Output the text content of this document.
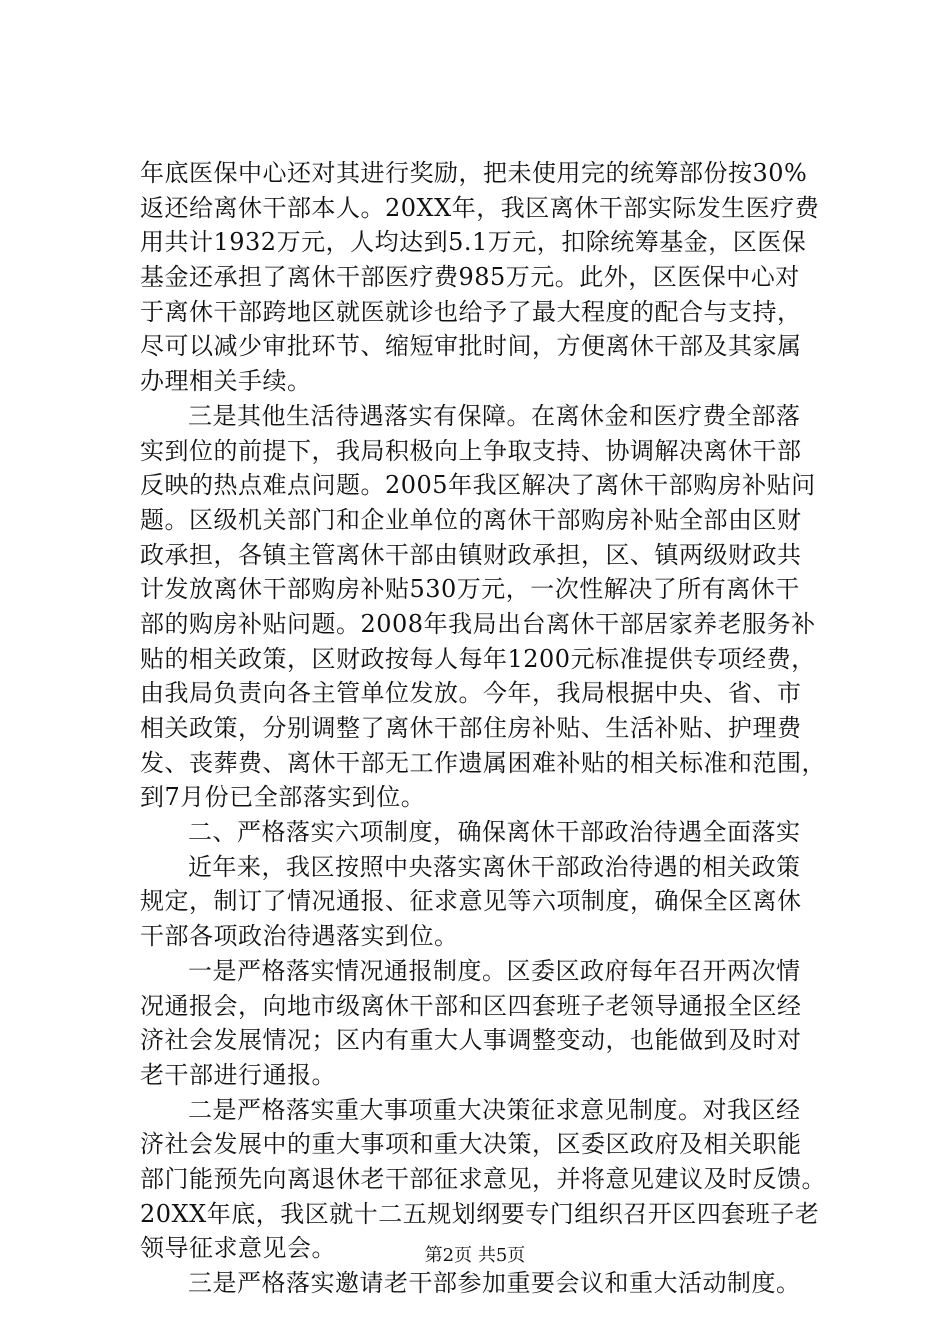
年底医保中心还对其进行奖励，把未使用完的统筹部份按30%
返还给离休干部本人。20XX年，我区离休干部实际发生医疗费
用共计1932万元，人均达到5.1万元，扣除统筹基金，区医保
基金还承担了离休干部医疗费985万元。此外，区医保中心对
于离休干部跨地区就医就诊也给予了最大程度的配合与支持，
尽可以减少审批环节、缩短审批时间，方便离休干部及其家属
办理相关手续。
三是其他生活待遇落实有保障。在离休金和医疗费全部落
实到位的前提下，我局积极向上争取支持、协调解决离休干部
反映的热点难点问题。2005年我区解决了离休干部购房补贴问
题。区级机关部门和企业单位的离休干部购房补贴全部由区财
政承担，各镇主管离休干部由镇财政承担，区、镇两级财政共
计发放离休干部购房补贴530万元，一次性解决了所有离休干
部的购房补贴问题。2008年我局出台离休干部居家养老服务补
贴的相关政策，区财政按每人每年1200元标准提供专项经费，
由我局负责向各主管单位发放。今年，我局根据中央、省、市
相关政策，分别调整了离休干部住房补贴、生活补贴、护理费
发、丧葬费、离休干部无工作遗属困难补贴的相关标准和范围，
到7月份已全部落实到位。
二、严格落实六项制度，确保离休干部政治待遇全面落实
近年来，我区按照中央落实离休干部政治待遇的相关政策
规定，制订了情况通报、征求意见等六项制度，确保全区离休
干部各项政治待遇落实到位。
一是严格落实情况通报制度。区委区政府每年召开两次情
况通报会，向地市级离休干部和区四套班子老领导通报全区经
济社会发展情况；区内有重大人事调整变动，也能做到及时对
老干部进行通报。
二是严格落实重大事项重大决策征求意见制度。对我区经
济社会发展中的重大事项和重大决策，区委区政府及相关职能
部门能预先向离退休老干部征求意见，并将意见建议及时反馈。
20XX年底，我区就十二五规划纲要专门组织召开区四套班子老
领导征求意见会。
三是严格落实邀请老干部参加重要会议和重大活动制度。
第2页 共5页
